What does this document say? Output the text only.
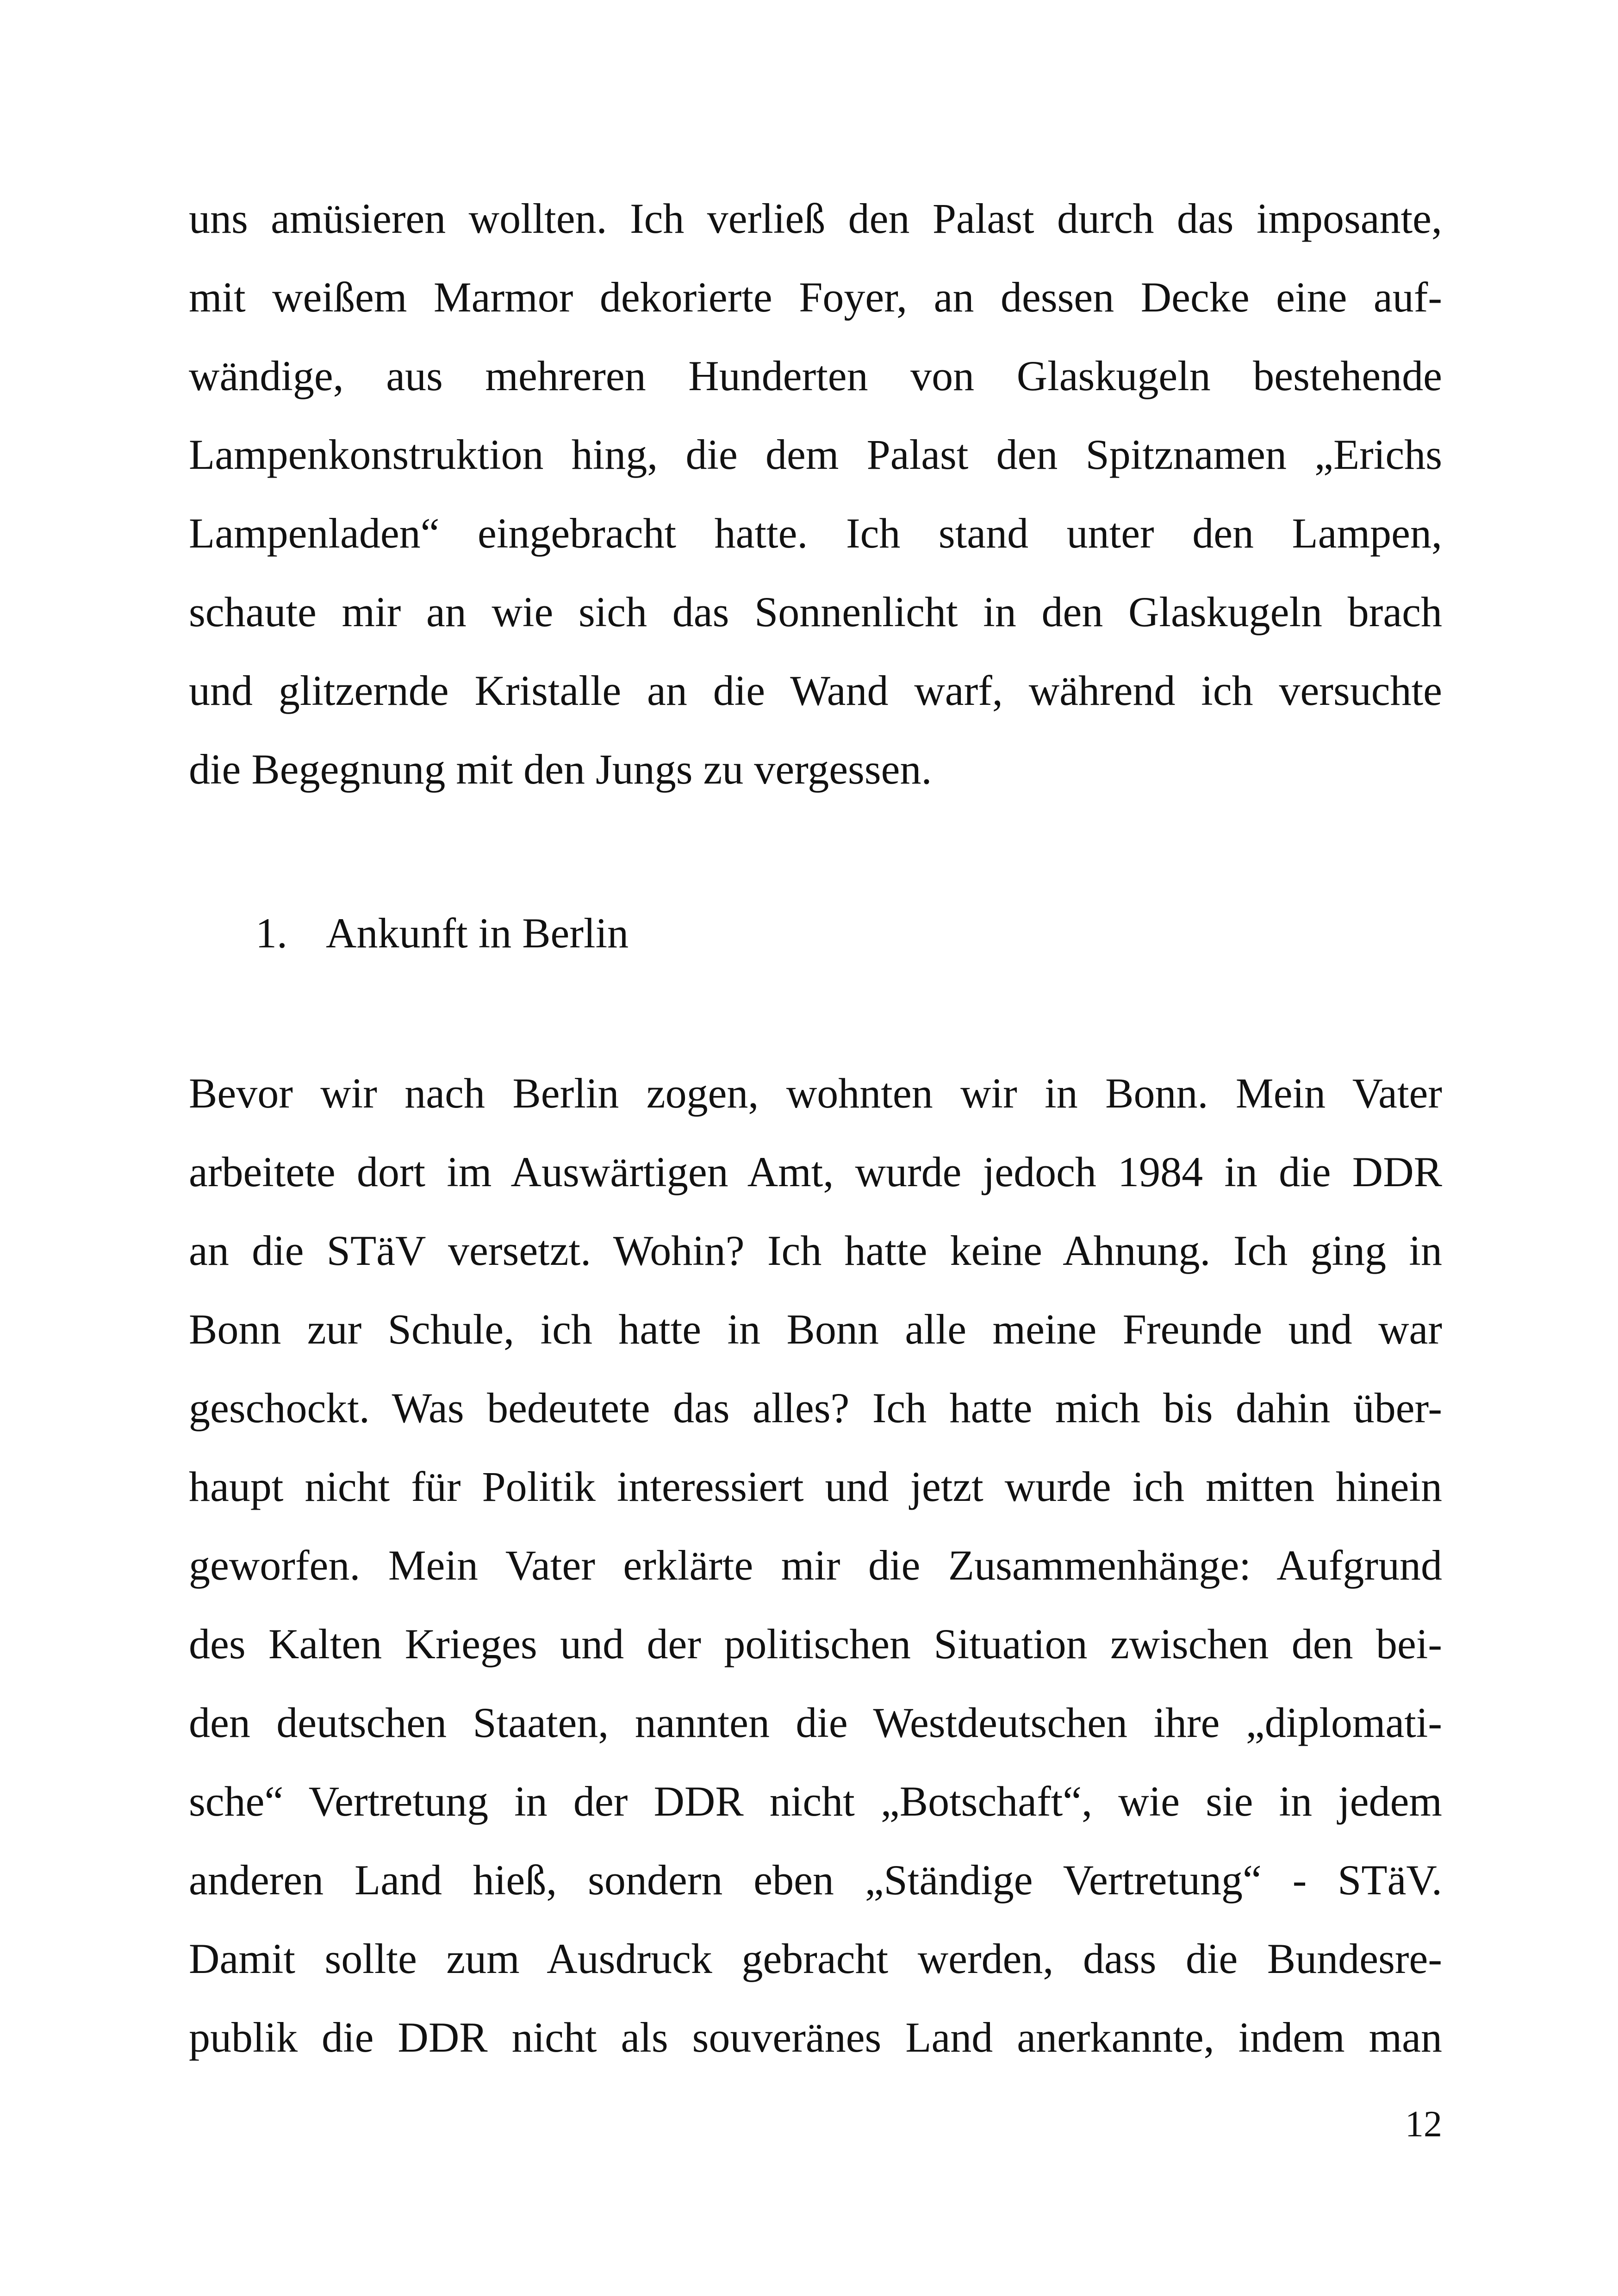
uns amüsieren wollten. Ich verließ den Palast durch das imposante,
mit weißem Marmor dekorierte Foyer, an dessen Decke eine auf-
wändige, aus mehreren Hunderten von Glaskugeln bestehende
Lampenkonstruktion hing, die dem Palast den Spitznamen „Erichs
Lampenladen“ eingebracht hatte. Ich stand unter den Lampen,
schaute mir an wie sich das Sonnenlicht in den Glaskugeln brach
und glitzernde Kristalle an die Wand warf, während ich versuchte
die Begegnung mit den Jungs zu vergessen.
1. Ankunft in Berlin
Bevor wir nach Berlin zogen, wohnten wir in Bonn. Mein Vater
arbeitete dort im Auswärtigen Amt, wurde jedoch 1984 in die DDR
an die STäV versetzt. Wohin? Ich hatte keine Ahnung. Ich ging in
Bonn zur Schule, ich hatte in Bonn alle meine Freunde und war
geschockt. Was bedeutete das alles? Ich hatte mich bis dahin über-
haupt nicht für Politik interessiert und jetzt wurde ich mitten hinein
geworfen. Mein Vater erklärte mir die Zusammenhänge: Aufgrund
des Kalten Krieges und der politischen Situation zwischen den bei-
den deutschen Staaten, nannten die Westdeutschen ihre „diplomati-
sche“ Vertretung in der DDR nicht „Botschaft“, wie sie in jedem
anderen Land hieß, sondern eben „Ständige Vertretung“ - STäV.
Damit sollte zum Ausdruck gebracht werden, dass die Bundesre-
publik die DDR nicht als souveränes Land anerkannte, indem man
12
